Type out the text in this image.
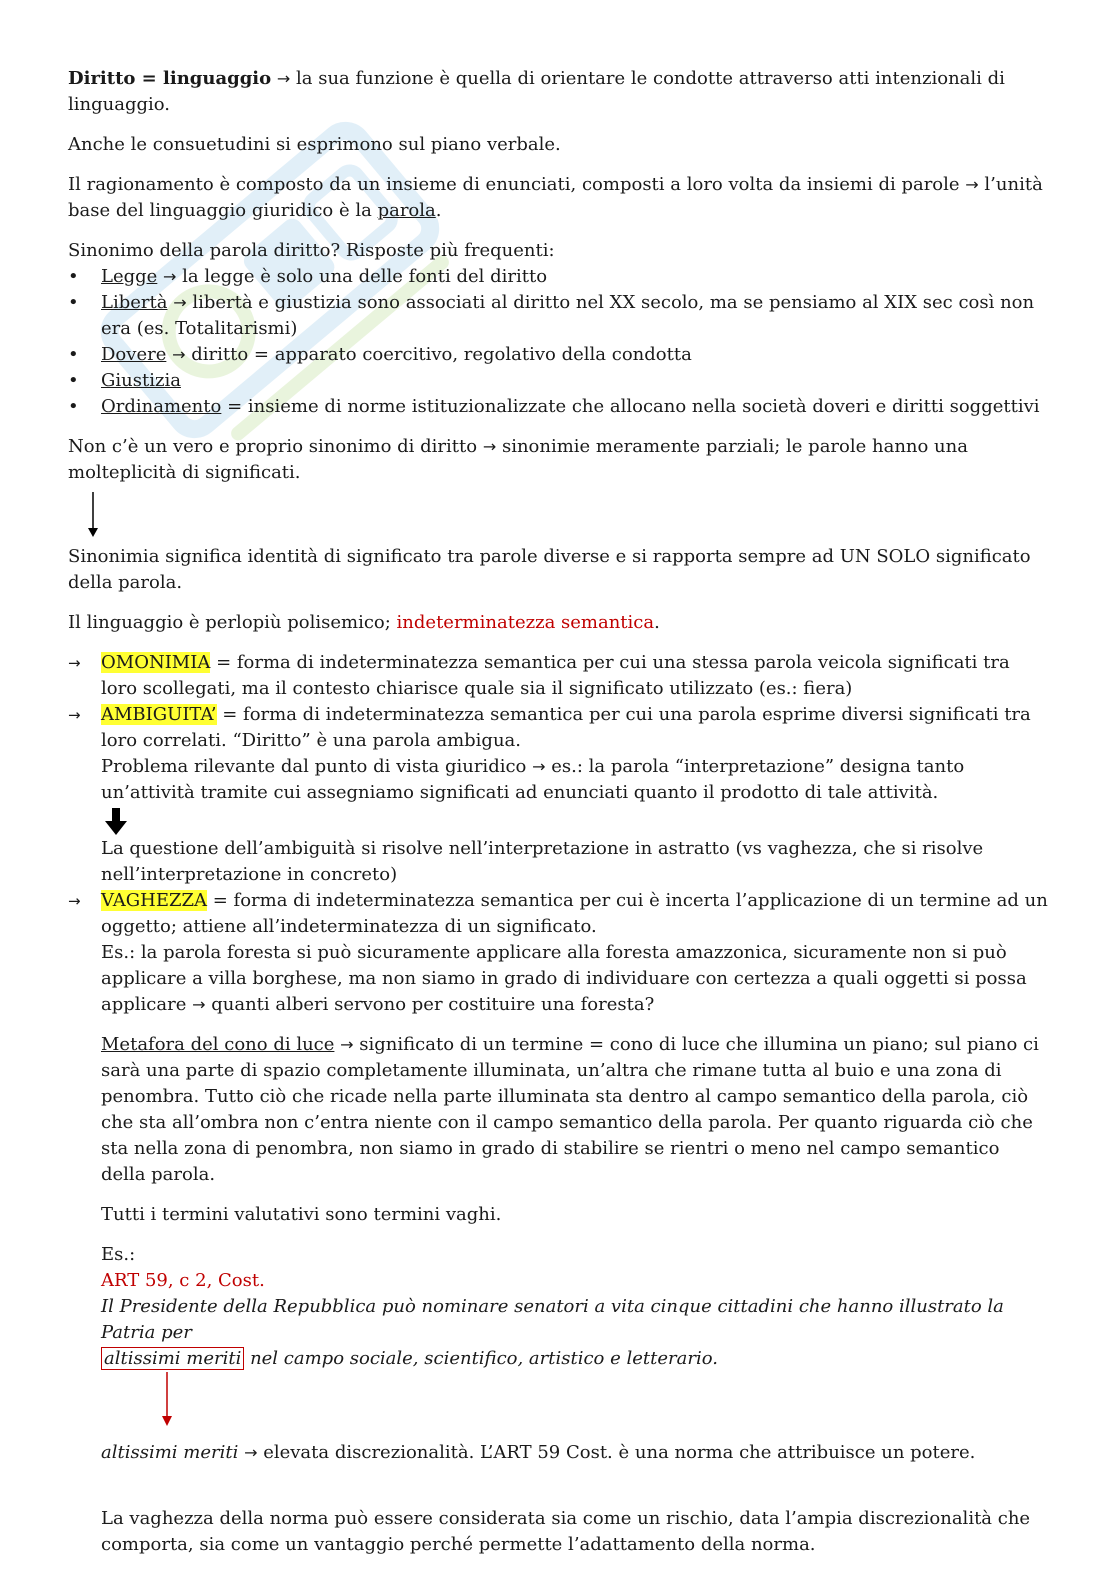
Diritto = linguaggio → la sua funzione è quella di orientare le condotte attraverso atti intenzionali di linguaggio.

Anche le consuetudini si esprimono sul piano verbale.

Il ragionamento è composto da un insieme di enunciati, composti a loro volta da insiemi di parole → l’unità base del linguaggio giuridico è la parola.

Sinonimo della parola diritto? Risposte più frequenti:
• Legge → la legge è solo una delle fonti del diritto
• Libertà → libertà e giustizia sono associati al diritto nel XX secolo, ma se pensiamo al XIX sec così non era (es. Totalitarismi)
• Dovere → diritto = apparato coercitivo, regolativo della condotta
• Giustizia
• Ordinamento = insieme di norme istituzionalizzate che allocano nella società doveri e diritti soggettivi

Non c’è un vero e proprio sinonimo di diritto → sinonimie meramente parziali; le parole hanno una molteplicità di significati.

Sinonimia significa identità di significato tra parole diverse e si rapporta sempre ad UN SOLO significato della parola.

Il linguaggio è perlopiù polisemico; indeterminatezza semantica.

→ OMONIMIA = forma di indeterminatezza semantica per cui una stessa parola veicola significati tra loro scollegati, ma il contesto chiarisce quale sia il significato utilizzato (es.: fiera)
→ AMBIGUITA’ = forma di indeterminatezza semantica per cui una parola esprime diversi significati tra loro correlati. “Diritto” è una parola ambigua.
Problema rilevante dal punto di vista giuridico → es.: la parola “interpretazione” designa tanto un’attività tramite cui assegniamo significati ad enunciati quanto il prodotto di tale attività.
La questione dell’ambiguità si risolve nell’interpretazione in astratto (vs vaghezza, che si risolve nell’interpretazione in concreto)
→ VAGHEZZA = forma di indeterminatezza semantica per cui è incerta l’applicazione di un termine ad un oggetto; attiene all’indeterminatezza di un significato.
Es.: la parola foresta si può sicuramente applicare alla foresta amazzonica, sicuramente non si può applicare a villa borghese, ma non siamo in grado di individuare con certezza a quali oggetti si possa applicare → quanti alberi servono per costituire una foresta?

Metafora del cono di luce → significato di un termine = cono di luce che illumina un piano; sul piano ci sarà una parte di spazio completamente illuminata, un’altra che rimane tutta al buio e una zona di penombra. Tutto ciò che ricade nella parte illuminata sta dentro al campo semantico della parola, ciò che sta all’ombra non c’entra niente con il campo semantico della parola. Per quanto riguarda ciò che sta nella zona di penombra, non siamo in grado di stabilire se rientri o meno nel campo semantico della parola.

Tutti i termini valutativi sono termini vaghi.

Es.:
ART 59, c 2, Cost.
Il Presidente della Repubblica può nominare senatori a vita cinque cittadini che hanno illustrato la Patria per
altissimi meriti nel campo sociale, scientifico, artistico e letterario.
altissimi meriti → elevata discrezionalità. L’ART 59 Cost. è una norma che attribuisce un potere.

La vaghezza della norma può essere considerata sia come un rischio, data l’ampia discrezionalità che comporta, sia come un vantaggio perché permette l’adattamento della norma.
